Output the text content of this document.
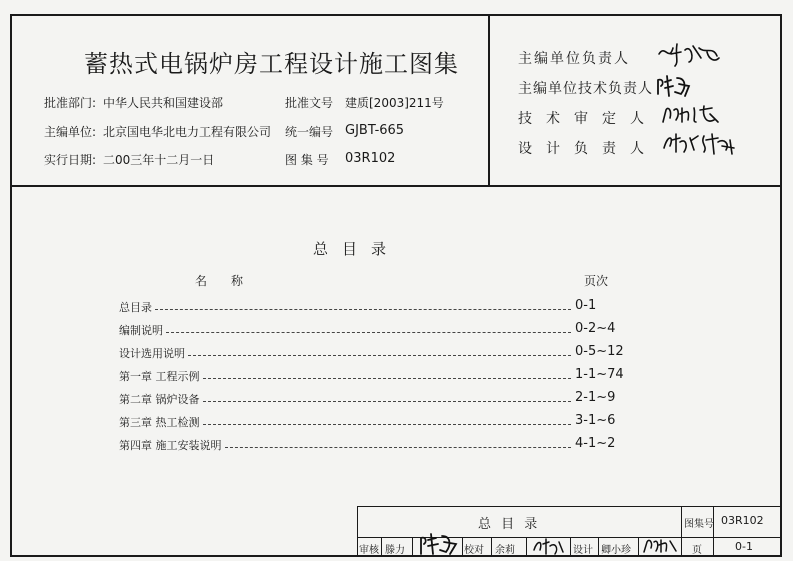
蓄热式电锅炉房工程设计施工图集
批准部门: 中华人民共和国建设部	批准文号 建质[2003]211号
主编单位: 北京国电华北电力工程有限公司 统一编号 GJBT-665
实行日期: 二00三年十二月一日	图 集 号 03R102
主编单位负责人
主编单位技术负责人
技术审定人
设计负责人
总目录
名　　称	页次
总目录	0-1
编制说明	0-2~4
设计选用说明	0-5~12
第一章 工程示例	1-1~74
第二章 锅炉设备	2-1~9
第三章 热工检测	3-1~6
第四章 施工安装说明	4-1~2
总 目 录	图集号 03R102
审核 滕力	校对 余莉	设计 卿小珍	页	0-1
